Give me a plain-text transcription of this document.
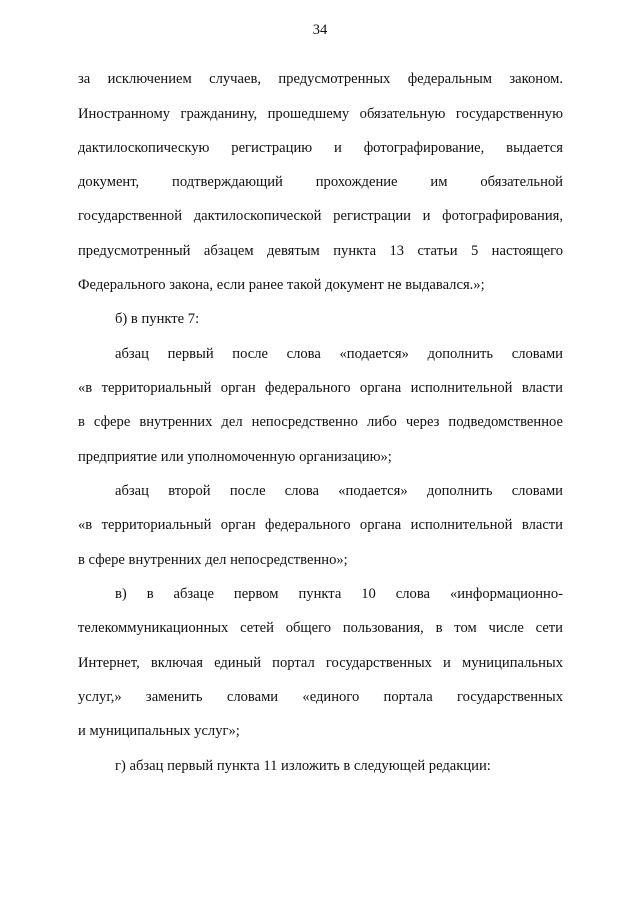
34
за исключением случаев, предусмотренных федеральным законом.
Иностранному гражданину, прошедшему обязательную государственную
дактилоскопическую регистрацию и фотографирование, выдается
документ, подтверждающий прохождение им обязательной
государственной дактилоскопической регистрации и фотографирования,
предусмотренный абзацем девятым пункта 13 статьи 5 настоящего
Федерального закона, если ранее такой документ не выдавался.»;
б) в пункте 7:
абзац первый после слова «подается» дополнить словами
«в территориальный орган федерального органа исполнительной власти
в сфере внутренних дел непосредственно либо через подведомственное
предприятие или уполномоченную организацию»;
абзац второй после слова «подается» дополнить словами
«в территориальный орган федерального органа исполнительной власти
в сфере внутренних дел непосредственно»;
в) в абзаце первом пункта 10 слова «информационно-
телекоммуникационных сетей общего пользования, в том числе сети
Интернет, включая единый портал государственных и муниципальных
услуг,» заменить словами «единого портала государственных
и муниципальных услуг»;
г) абзац первый пункта 11 изложить в следующей редакции:
